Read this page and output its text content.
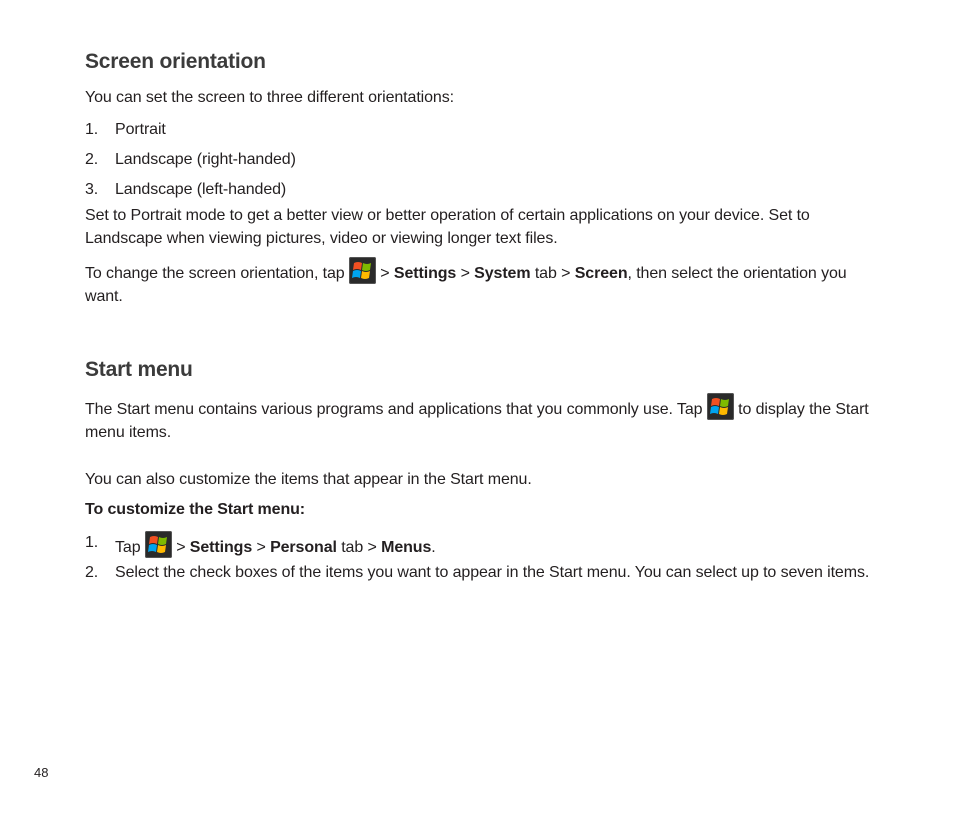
Screen orientation

You can set the screen to three different orientations:

1.	Portrait
2.	Landscape (right-handed)
3.	Landscape (left-handed)

Set to Portrait mode to get a better view or better operation of certain applications on your device. Set to Landscape when viewing pictures, video or viewing longer text files.

To change the screen orientation, tap
> Settings > System tab > Screen, then select the orientation you want.

Start menu

The Start menu contains various programs and applications that you commonly use. Tap
to display the Start menu items.

You can also customize the items that appear in the Start menu.

To customize the Start menu:

1.	Tap
> Settings > Personal tab > Menus.
2.	Select the check boxes of the items you want to appear in the Start menu. You can select up to seven items.
48
